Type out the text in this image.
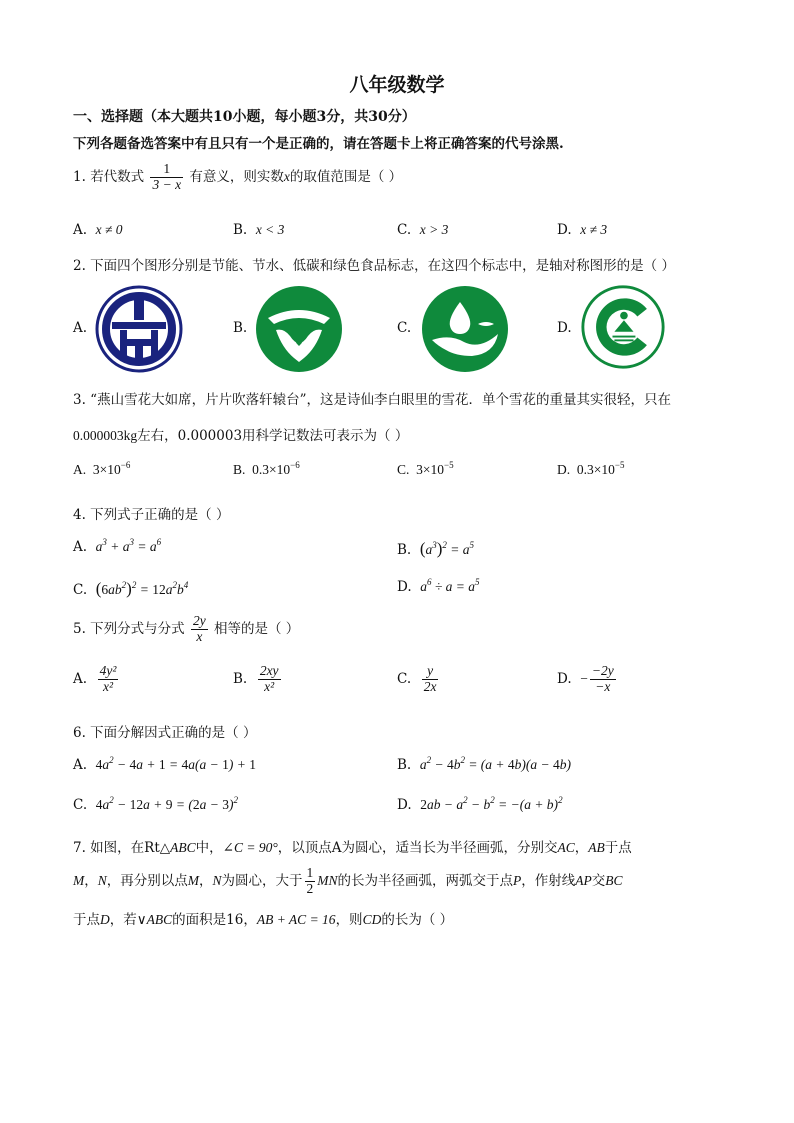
八年级数学
一、选择题（本大题共10小题，每小题3分，共30分）
下列各题备选答案中有且只有一个是正确的，请在答题卡上将正确答案的代号涂黑.
1. 若代数式 $\frac{1}{3 - x}$ 有意义，则实数x的取值范围是（ ）
A. x ≠ 0	B. x < 3	C. x > 3	D. x ≠ 3
2. 下面四个图形分别是节能、节水、低碳和绿色食品标志，在这四个标志中，是轴对称图形的是（ ）
A.	B.	C.	D.
3. “燕山雪花大如席，片片吹落轩辕台”，这是诗仙李白眼里的雪花．单个雪花的重量其实很轻，只在
0.000003kg左右，0.000003用科学记数法可表示为（ ）
A. $3\times 10^{-6}$	B. $0.3\times 10^{-6}$	C. $3\times 10^{-5}$	D. $0.3\times 10^{-5}$
4. 下列式子正确的是（ ）
A. $a^3 + a^3 = a^6$	B. $(a^3)^2 = a^5$
C. $(6ab^2)^2 = 12a^2b^4$	D. $a^6 \div a = a^5$
5. 下列分式与分式 $\frac{2y}{x}$ 相等的是（ ）
A. $\frac{\text{4y²}}{\text{x²}}$	B. $\frac{2xy}{\text{x²}}$	C. $\frac{y}{2x}$	D. − $\frac{-2y}{-x}$
6. 下面分解因式正确的是（ ）
A. $4a^2 - 4a + 1 = 4a(a - 1) + 1$	B. $a^2 - 4b^2 = (a + 4b)(a - 4b)$
C. $4a^2 - 12a + 9 = (2a - 3)^2$	D. $2ab - a^2 - b^2 = -(a + b)^2$
7. 如图，在Rt△ABC中，∠C = 90°，以顶点A为圆心，适当长为半径画弧，分别交AC，AB于点
M，N，再分别以点M，N为圆心，大于 $\frac{1}{2}$ MN的长为半径画弧，两弧交于点P，作射线AP交BC
于点D，若∨ABC的面积是16，AB + AC = 16，则CD的长为（ ）
